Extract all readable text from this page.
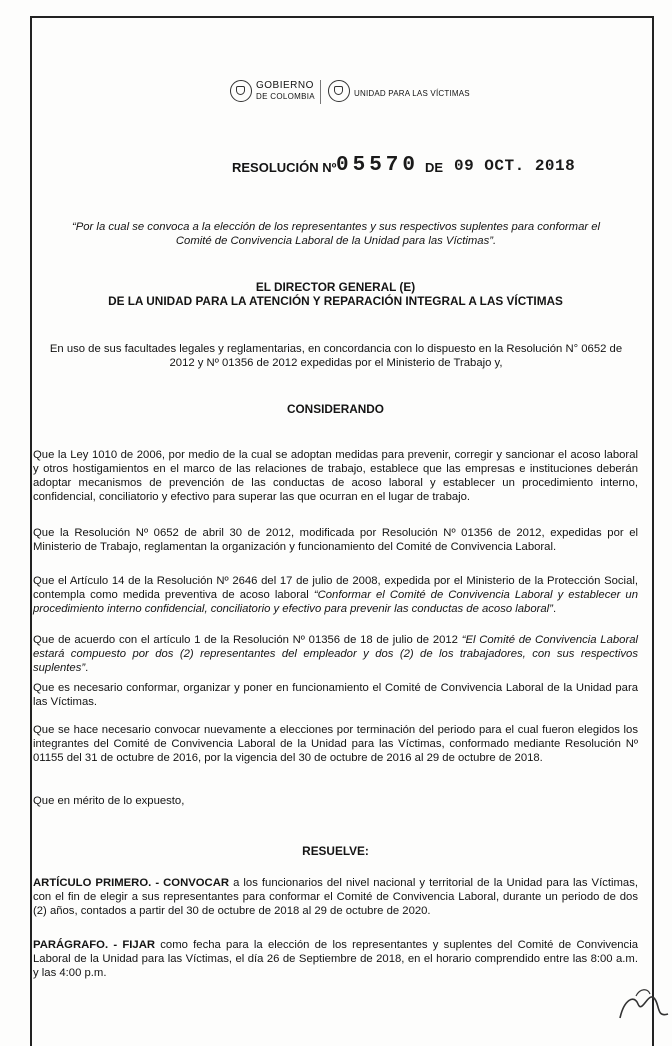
GOBIERNO
DE COLOMBIA	UNIDAD PARA LAS VÍCTIMAS
RESOLUCIÓN Nº 05570 DE 09 OCT. 2018
“Por la cual se convoca a la elección de los representantes y sus respectivos suplentes para conformar el Comité de Convivencia Laboral de la Unidad para las Víctimas”.
EL DIRECTOR GENERAL (E)
DE LA UNIDAD PARA LA ATENCIÓN Y REPARACIÓN INTEGRAL A LAS VÍCTIMAS
En uso de sus facultades legales y reglamentarias, en concordancia con lo dispuesto en la Resolución N° 0652 de 2012 y Nº 01356 de 2012 expedidas por el Ministerio de Trabajo y,
CONSIDERANDO
Que la Ley 1010 de 2006, por medio de la cual se adoptan medidas para prevenir, corregir y sancionar el acoso laboral y otros hostigamientos en el marco de las relaciones de trabajo, establece que las empresas e instituciones deberán adoptar mecanismos de prevención de las conductas de acoso laboral y establecer un procedimiento interno, confidencial, conciliatorio y efectivo para superar las que ocurran en el lugar de trabajo.
Que la Resolución Nº 0652 de abril 30 de 2012, modificada por Resolución Nº 01356 de 2012, expedidas por el Ministerio de Trabajo, reglamentan la organización y funcionamiento del Comité de Convivencia Laboral.
Que el Artículo 14 de la Resolución Nº 2646 del 17 de julio de 2008, expedida por el Ministerio de la Protección Social, contempla como medida preventiva de acoso laboral “Conformar el Comité de Convivencia Laboral y establecer un procedimiento interno confidencial, conciliatorio y efectivo para prevenir las conductas de acoso laboral”.
Que de acuerdo con el artículo 1 de la Resolución Nº 01356 de 18 de julio de 2012 “El Comité de Convivencia Laboral estará compuesto por dos (2) representantes del empleador y dos (2) de los trabajadores, con sus respectivos suplentes”.
Que es necesario conformar, organizar y poner en funcionamiento el Comité de Convivencia Laboral de la Unidad para las Víctimas.
Que se hace necesario convocar nuevamente a elecciones por terminación del periodo para el cual fueron elegidos los integrantes del Comité de Convivencia Laboral de la Unidad para las Víctimas, conformado mediante Resolución Nº 01155 del 31 de octubre de 2016, por la vigencia del 30 de octubre de 2016 al 29 de octubre de 2018.
Que en mérito de lo expuesto,
RESUELVE:
ARTÍCULO PRIMERO. - CONVOCAR a los funcionarios del nivel nacional y territorial de la Unidad para las Víctimas, con el fin de elegir a sus representantes para conformar el Comité de Convivencia Laboral, durante un periodo de dos (2) años, contados a partir del 30 de octubre de 2018 al 29 de octubre de 2020.
PARÁGRAFO. - FIJAR como fecha para la elección de los representantes y suplentes del Comité de Convivencia Laboral de la Unidad para las Víctimas, el día 26 de Septiembre de 2018, en el horario comprendido entre las 8:00 a.m. y las 4:00 p.m.
